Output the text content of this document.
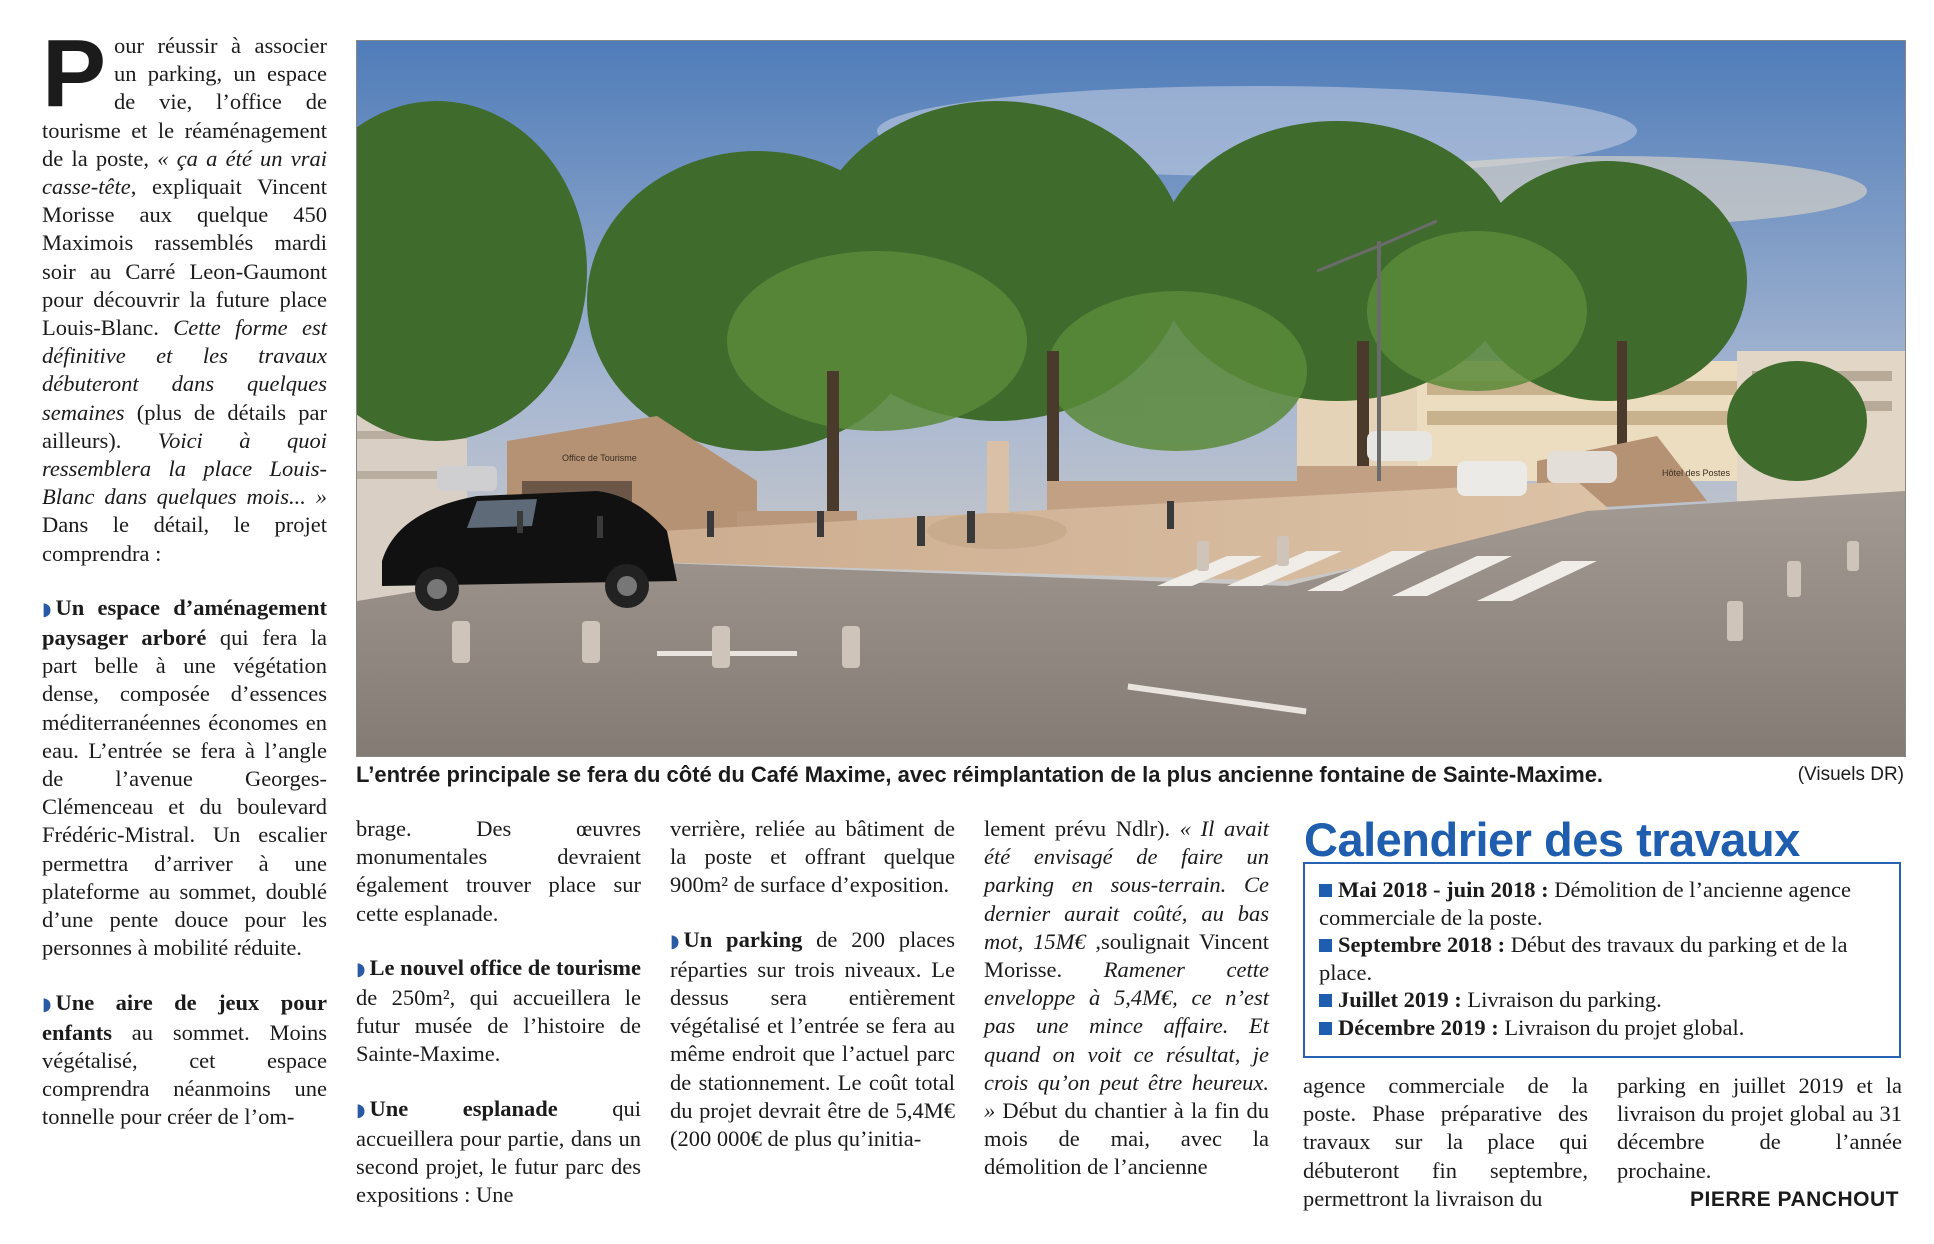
Pour réussir à associer un parking, un espace de vie, l’office de tourisme et le réaménagement de la poste, « ça a été un vrai casse-tête, expliquait Vincent Morisse aux quelque 450 Maximois rassemblés mardi soir au Carré Leon-Gaumont pour découvrir la future place Louis-Blanc. Cette forme est définitive et les travaux débuteront dans quelques semaines (plus de détails par ailleurs). Voici à quoi ressemblera la place Louis-Blanc dans quelques mois... » Dans le détail, le projet comprendra :

◗ Un espace d’aménagement paysager arboré qui fera la part belle à une végétation dense, composée d’essences méditerranéennes économes en eau. L’entrée se fera à l’angle de l’avenue Georges-Clémenceau et du boulevard Frédéric-Mistral. Un escalier permettra d’arriver à une plateforme au sommet, doublé d’une pente douce pour les personnes à mobilité réduite.

◗ Une aire de jeux pour enfants au sommet. Moins végétalisé, cet espace comprendra néanmoins une tonnelle pour créer de l’om-

Office de Tourisme
Hôtel des Postes
L’entrée principale se fera du côté du Café Maxime, avec réimplantation de la plus ancienne fontaine de Sainte-Maxime.	(Visuels DR)

brage. Des œuvres monumentales devraient également trouver place sur cette esplanade.

◗ Le nouvel office de tourisme de 250m², qui accueillera le futur musée de l’histoire de Sainte-Maxime.

◗ Une esplanade qui accueillera pour partie, dans un second projet, le futur parc des expositions : Une

verrière, reliée au bâtiment de la poste et offrant quelque 900m² de surface d’exposition.

◗ Un parking de 200 places réparties sur trois niveaux. Le dessus sera entièrement végétalisé et l’entrée se fera au même endroit que l’actuel parc de stationnement. Le coût total du projet devrait être de 5,4M€ (200 000€ de plus qu’initia-

lement prévu Ndlr). « Il avait été envisagé de faire un parking en sous-terrain. Ce dernier aurait coûté, au bas mot, 15M€ ,soulignait Vincent Morisse. Ramener cette enveloppe à 5,4M€, ce n’est pas une mince affaire. Et quand on voit ce résultat, je crois qu’on peut être heureux. » Début du chantier à la fin du mois de mai, avec la démolition de l’ancienne

Calendrier des travaux
Mai 2018 - juin 2018 : Démolition de l’ancienne agence commerciale de la poste.
Septembre 2018 : Début des travaux du parking et de la place.
Juillet 2019 : Livraison du parking.
Décembre 2019 : Livraison du projet global.

agence commerciale de la poste. Phase préparative des travaux sur la place qui débuteront fin septembre, permettront la livraison du

parking en juillet 2019 et la livraison du projet global au 31 décembre de l’année prochaine.

PIERRE PANCHOUT
